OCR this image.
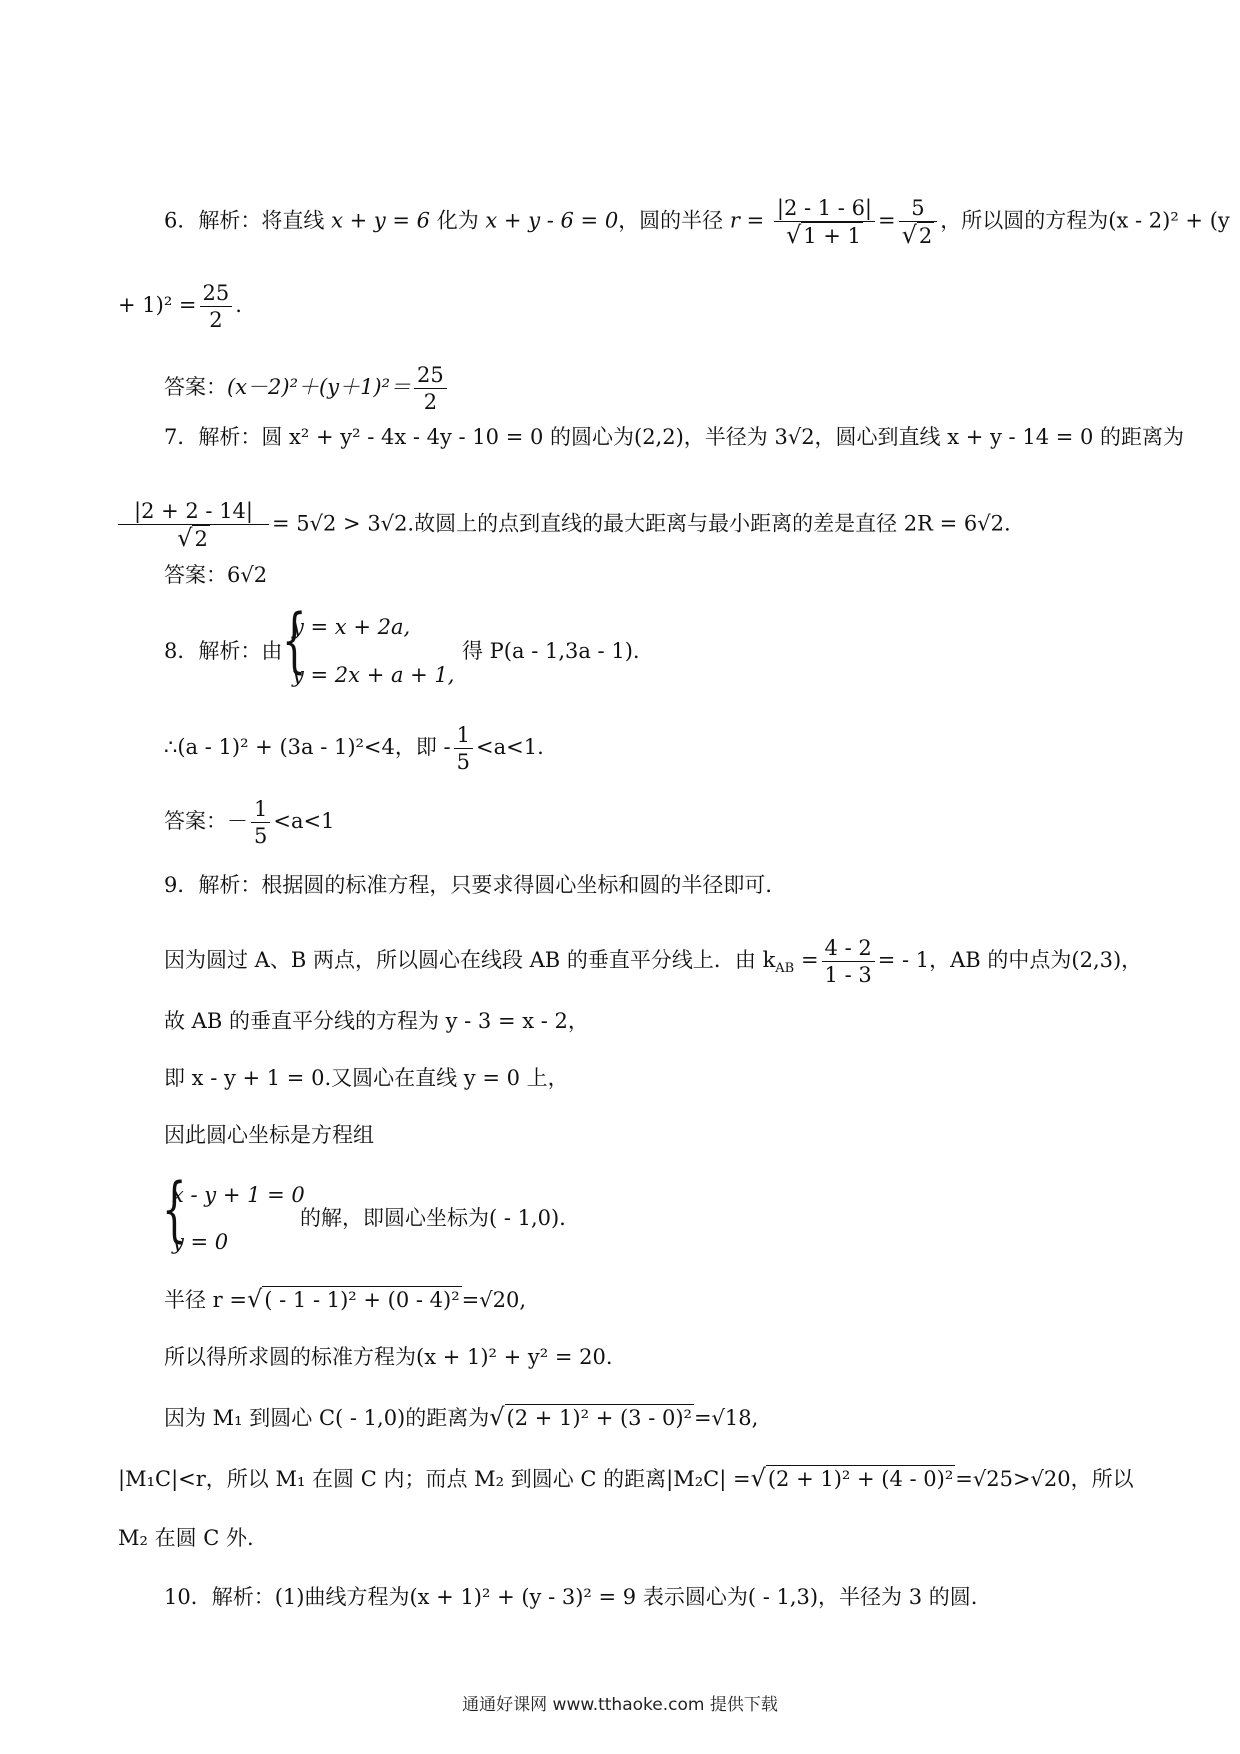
6．解析：将直线 x + y = 6 化为 x + y - 6 = 0，圆的半径 $r = \frac{|2 - 1 - 6|}{√1 + 1} = \frac{5}{√2}$ ，所以圆的方程为(x - 2)² + (y
+ $1)^2 = \frac{25}{2}$ .
答案：$(x-2)^2+(y+1)^2= \frac{25}{2}$
7．解析：圆 x² + y² - 4x - 4y - 10 = 0 的圆心为(2,2)，半径为 3√2，圆心到直线 x + y - 14 = 0 的距离为
$\frac{|2 + 2 - 14|}{√2} = 5√2 > 3√2$.故圆上的点到直线的最大距离与最小距离的差是直径 2R = 6√2.
答案：6√2
8．解析：由 {
y = x + 2a,
y = 2x + a + 1,
得 P(a - 1,3a - 1).
∴(a - 1)² + (3a - 1)²<4，即 - $\frac{1}{5} <a<1$.
答案：－ $\frac{1}{5} <a<1$
9．解析：根据圆的标准方程，只要求得圆心坐标和圆的半径即可．
因为圆过 A、B 两点，所以圆心在线段 AB 的垂直平分线上．由 $k_{AB} = \frac{4 - 2}{1 - 3}$ = - 1，AB 的中点为(2,3)，
故 AB 的垂直平分线的方程为 y - 3 = x - 2，
即 x - y + 1 = 0.又圆心在直线 y = 0 上，
因此圆心坐标是方程组
{
x - y + 1 = 0
y = 0
的解，即圆心坐标为( - 1,0)．
半径 r =√( - 1 - 1)² + (0 - 4)²=√20,
所以得所求圆的标准方程为(x + 1)² + y² = 20.
因为 M₁ 到圆心 C( - 1,0)的距离为√(2 + 1)² + (3 - 0)²=√18,
|M₁C|<r，所以 M₁ 在圆 C 内；而点 M₂ 到圆心 C 的距离|M₂C| =√(2 + 1)² + (4 - 0)²=√25>√20，所以
M₂ 在圆 C 外.
10．解析：(1)曲线方程为(x + 1)² + (y - 3)² = 9 表示圆心为( - 1,3)，半径为 3 的圆.
通通好课网 www.tthaoke.com 提供下载
